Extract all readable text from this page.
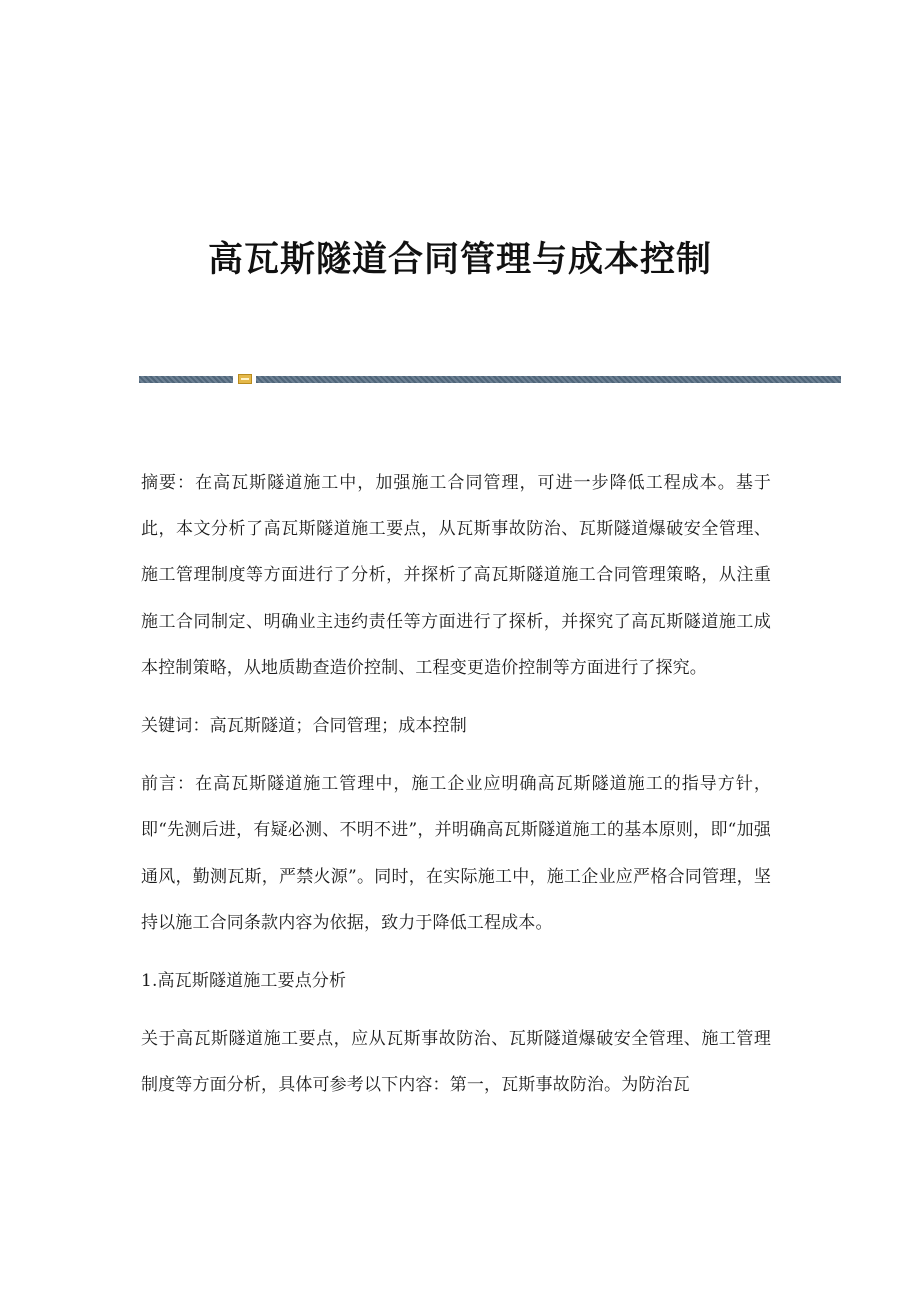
高瓦斯隧道合同管理与成本控制

摘要：在高瓦斯隧道施工中，加强施工合同管理，可进一步降低工程成本。基于此，本文分析了高瓦斯隧道施工要点，从瓦斯事故防治、瓦斯隧道爆破安全管理、施工管理制度等方面进行了分析，并探析了高瓦斯隧道施工合同管理策略，从注重施工合同制定、明确业主违约责任等方面进行了探析，并探究了高瓦斯隧道施工成本控制策略，从地质勘查造价控制、工程变更造价控制等方面进行了探究。

关键词：高瓦斯隧道；合同管理；成本控制

前言：在高瓦斯隧道施工管理中，施工企业应明确高瓦斯隧道施工的指导方针，即“先测后进，有疑必测、不明不进”，并明确高瓦斯隧道施工的基本原则，即“加强通风，勤测瓦斯，严禁火源”。同时，在实际施工中，施工企业应严格合同管理，坚持以施工合同条款内容为依据，致力于降低工程成本。

1.高瓦斯隧道施工要点分析

关于高瓦斯隧道施工要点，应从瓦斯事故防治、瓦斯隧道爆破安全管理、施工管理制度等方面分析，具体可参考以下内容：第一，瓦斯事故防治。为防治瓦
